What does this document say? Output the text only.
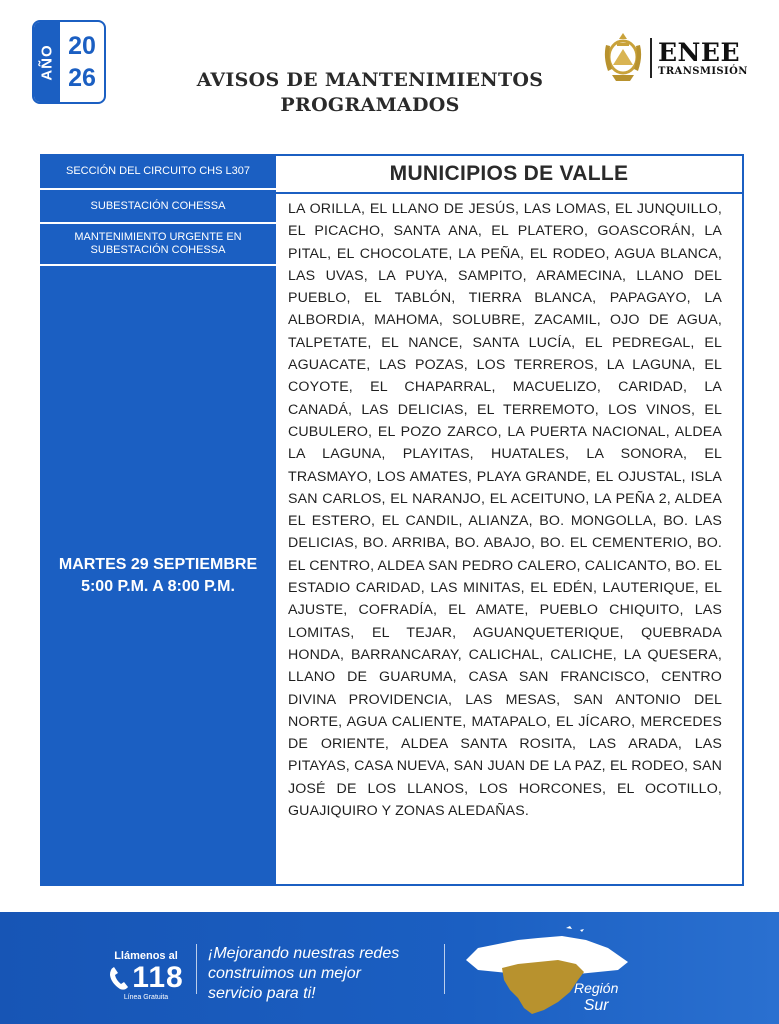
AÑO 20
26	AVISOS DE MANTENIMIENTOS
PROGRAMADOS
ENEE
TRANSMISIÓN
SECCIÓN DEL CIRCUITO CHS L307
SUBESTACIÓN COHESSA
MANTENIMIENTO URGENTE EN SUBESTACIÓN COHESSA
MARTES 29 SEPTIEMBRE
5:00 P.M. A 8:00 P.M.
MUNICIPIOS DE VALLE
LA ORILLA, EL LLANO DE JESÚS, LAS LOMAS, EL JUNQUILLO, EL PICACHO, SANTA ANA, EL PLATERO, GOASCORÁN, LA PITAL, EL CHOCOLATE, LA PEÑA, EL RODEO, AGUA BLANCA, LAS UVAS, LA PUYA, SAMPITO, ARAMECINA, LLANO DEL PUEBLO, EL TABLÓN, TIERRA BLANCA, PAPAGAYO, LA ALBORDIA, MAHOMA, SOLUBRE, ZACAMIL, OJO DE AGUA, TALPETATE, EL NANCE, SANTA LUCÍA, EL PEDREGAL, EL AGUACATE, LAS POZAS, LOS TERREROS, LA LAGUNA, EL COYOTE, EL CHAPARRAL, MACUELIZO, CARIDAD, LA CANADÁ, LAS DELICIAS, EL TERREMOTO, LOS VINOS, EL CUBULERO, EL POZO ZARCO, LA PUERTA NACIONAL, ALDEA LA LAGUNA, PLAYITAS, HUATALES, LA SONORA, EL TRASMAYO, LOS AMATES, PLAYA GRANDE, EL OJUSTAL, ISLA SAN CARLOS, EL NARANJO, EL ACEITUNO, LA PEÑA 2, ALDEA EL ESTERO, EL CANDIL, ALIANZA, BO. MONGOLLA, BO. LAS DELICIAS, BO. ARRIBA, BO. ABAJO, BO. EL CEMENTERIO, BO. EL CENTRO, ALDEA SAN PEDRO CALERO, CALICANTO, BO. EL ESTADIO CARIDAD, LAS MINITAS, EL EDÉN, LAUTERIQUE, EL AJUSTE, COFRADÍA, EL AMATE, PUEBLO CHIQUITO, LAS LOMITAS, EL TEJAR, AGUANQUETERIQUE, QUEBRADA HONDA, BARRANCARAY, CALICHAL, CALICHE, LA QUESERA, LLANO DE GUARUMA, CASA SAN FRANCISCO, CENTRO DIVINA PROVIDENCIA, LAS MESAS, SAN ANTONIO DEL NORTE, AGUA CALIENTE, MATAPALO, EL JÍCARO, MERCEDES DE ORIENTE, ALDEA SANTA ROSITA, LAS ARADA, LAS PITAYAS, CASA NUEVA, SAN JUAN DE LA PAZ, EL RODEO, SAN JOSÉ DE LOS LLANOS, LOS HORCONES, EL OCOTILLO, GUAJIQUIRO Y ZONAS ALEDAÑAS.
Llámenos al
118
Línea Gratuita
¡Mejorando nuestras redes
construimos un mejor
servicio para ti!	Región
Sur
